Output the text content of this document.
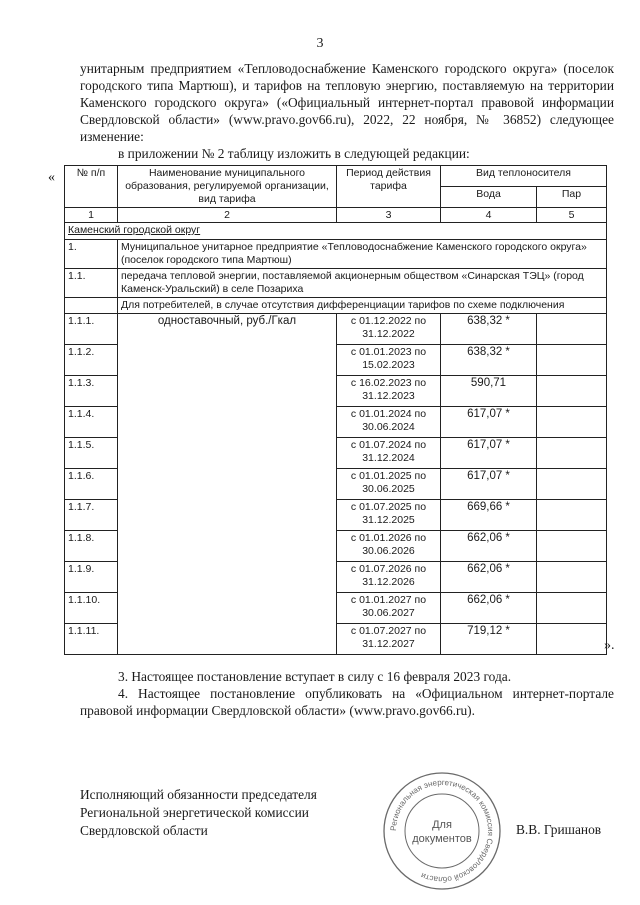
3

унитарным предприятием «Тепловодоснабжение Каменского городского округа» (поселок городского типа Мартюш), и тарифов на тепловую энергию, поставляемую на территории Каменского городского округа» («Официальный интернет-портал правовой информации Свердловской области» (www.pravo.gov66.ru), 2022, 22 ноября, № 36852) следующее изменение:

в приложении № 2 таблицу изложить в следующей редакции:

« № п/п	Наименование муниципального образования, регулируемой организации, вид тарифа	Период действия тарифа	Вид теплоносителя	
			Вода	Пар
1	2	3	4	5
Каменский городской округ				
1.	Муниципальное унитарное предприятие «Тепловодоснабжение Каменского городского округа» (поселок городского типа Мартюш)			
1.1.	передача тепловой энергии, поставляемой акционерным обществом «Синарская ТЭЦ» (город Каменск-Уральский) в селе Позариха			
	Для потребителей, в случае отсутствия дифференциации тарифов по схеме подключения			
1.1.1.	одноставочный, руб./Гкал	с 01.12.2022 по 31.12.2022	638,32 *	
1.1.2.		с 01.01.2023 по 15.02.2023	638,32 *	
1.1.3.		с 16.02.2023 по 31.12.2023	590,71	
1.1.4.		с 01.01.2024 по 30.06.2024	617,07 *	
1.1.5.		с 01.07.2024 по 31.12.2024	617,07 *	
1.1.6.		с 01.01.2025 по 30.06.2025	617,07 *	
1.1.7.		с 01.07.2025 по 31.12.2025	669,66 *	
1.1.8.		с 01.01.2026 по 30.06.2026	662,06 *	
1.1.9.		с 01.07.2026 по 31.12.2026	662,06 *	
1.1.10.		с 01.01.2027 по 30.06.2027	662,06 *	
1.1.11.		с 01.07.2027 по 31.12.2027	719,12 *	
».

3. Настоящее постановление вступает в силу с 16 февраля 2023 года.

4. Настоящее постановление опубликовать на «Официальном интернет-портале правовой информации Свердловской области» (www.pravo.gov66.ru).

Исполняющий обязанности председателя
Региональной энергетической комиссии
Свердловской области	Региональная энергетическая комиссия Свердловской области
Для
документов
В.В. Гришанов
